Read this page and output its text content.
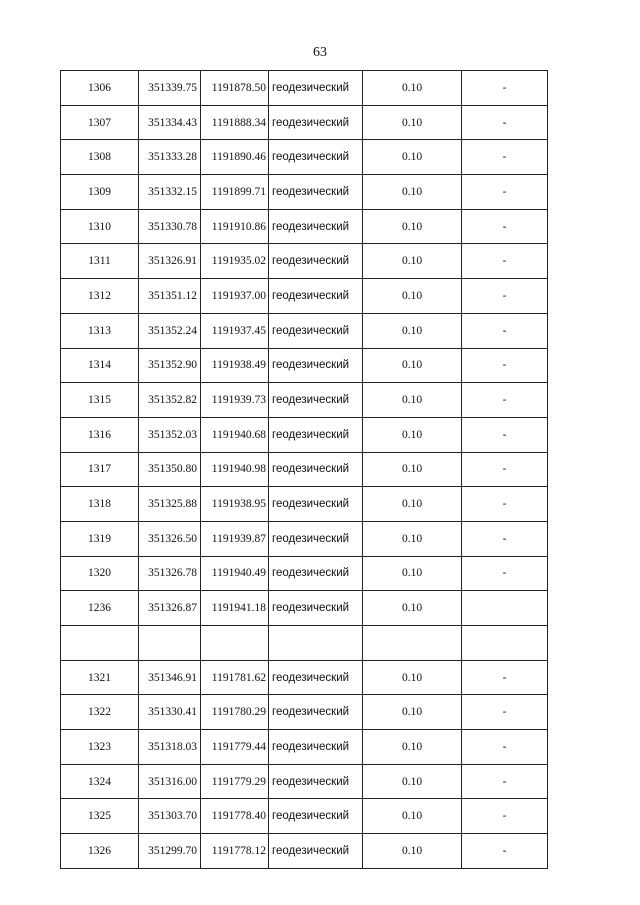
63
1306	351339.75	1191878.50	геодезический	0.10	-
1307	351334.43	1191888.34	геодезический	0.10	-
1308	351333.28	1191890.46	геодезический	0.10	-
1309	351332.15	1191899.71	геодезический	0.10	-
1310	351330.78	1191910.86	геодезический	0.10	-
1311	351326.91	1191935.02	геодезический	0.10	-
1312	351351.12	1191937.00	геодезический	0.10	-
1313	351352.24	1191937.45	геодезический	0.10	-
1314	351352.90	1191938.49	геодезический	0.10	-
1315	351352.82	1191939.73	геодезический	0.10	-
1316	351352.03	1191940.68	геодезический	0.10	-
1317	351350.80	1191940.98	геодезический	0.10	-
1318	351325.88	1191938.95	геодезический	0.10	-
1319	351326.50	1191939.87	геодезический	0.10	-
1320	351326.78	1191940.49	геодезический	0.10	-
1236	351326.87	1191941.18	геодезический	0.10	

1321	351346.91	1191781.62	геодезический	0.10	-
1322	351330.41	1191780.29	геодезический	0.10	-
1323	351318.03	1191779.44	геодезический	0.10	-
1324	351316.00	1191779.29	геодезический	0.10	-
1325	351303.70	1191778.40	геодезический	0.10	-
1326	351299.70	1191778.12	геодезический	0.10	-
